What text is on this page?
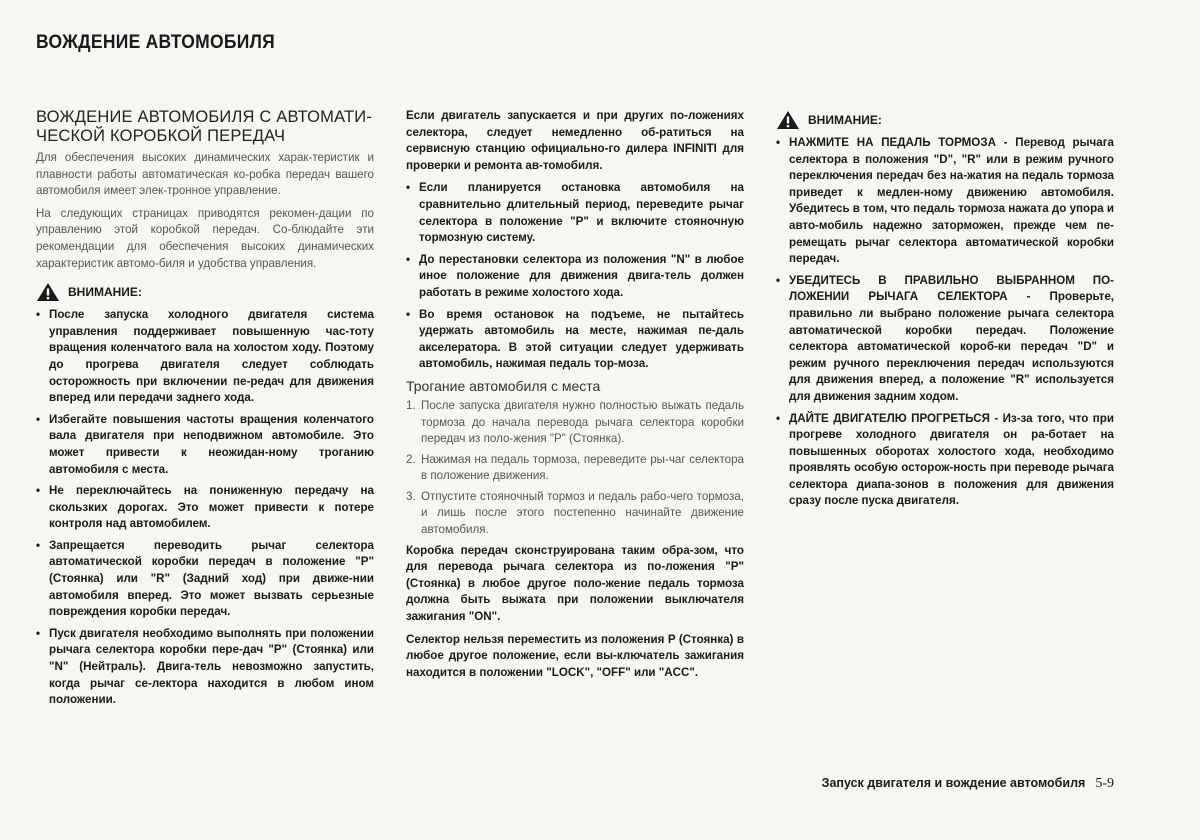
ВОЖДЕНИЕ АВТОМОБИЛЯ
ВОЖДЕНИЕ АВТОМОБИЛЯ С АВТОМАТИ-ЧЕСКОЙ КОРОБКОЙ ПЕРЕДАЧ

Для обеспечения высоких динамических харак-теристик и плавности работы автоматическая ко-робка передач вашего автомобиля имеет элек-тронное управление.

На следующих страницах приводятся рекомен-дации по управлению этой коробкой передач. Со-блюдайте эти рекомендации для обеспечения высоких динамических характеристик автомо-биля и удобства управления.

ВНИМАНИЕ:
• После запуска холодного двигателя система управления поддерживает повышенную час-тоту вращения коленчатого вала на холостом ходу. Поэтому до прогрева двигателя следует соблюдать осторожность при включении пе-редач для движения вперед или передачи заднего хода.
• Избегайте повышения частоты вращения коленчатого вала двигателя при неподвижном автомобиле. Это может привести к неожидан-ному троганию автомобиля с места.
• Не переключайтесь на пониженную передачу на скользких дорогах. Это может привести к потере контроля над автомобилем.
• Запрещается переводить рычаг селектора автоматической коробки передач в положение "P" (Стоянка) или "R" (Задний ход) при движе-нии автомобиля вперед. Это может вызвать серьезные повреждения коробки передач.
• Пуск двигателя необходимо выполнять при положении рычага селектора коробки пере-дач "P" (Стоянка) или "N" (Нейтраль). Двига-тель невозможно запустить, когда рычаг се-лектора находится в любом ином положении.

Если двигатель запускается и при других по-ложениях селектора, следует немедленно об-ратиться на сервисную станцию официально-го дилера INFINITI для проверки и ремонта ав-томобиля.

• Если планируется остановка автомобиля на сравнительно длительный период, переведите рычаг селектора в положение "P" и включите стояночную тормозную систему.
• До перестановки селектора из положения "N" в любое иное положение для движения двига-тель должен работать в режиме холостого хода.
• Во время остановок на подъеме, не пытайтесь удержать автомобиль на месте, нажимая пе-даль акселератора. В этой ситуации следует удерживать автомобиль, нажимая педаль тор-моза.
Трогание автомобиля с места
1. После запуска двигателя нужно полностью выжать педаль тормоза до начала перевода рычага селектора коробки передач из поло-жения "P" (Стоянка).
2. Нажимая на педаль тормоза, переведите ры-чаг селектора в положение движения.
3. Отпустите стояночный тормоз и педаль рабо-чего тормоза, и лишь после этого постепенно начинайте движение автомобиля.

Коробка передач сконструирована таким обра-зом, что для перевода рычага селектора из по-ложения "P" (Стоянка) в любое другое поло-жение педаль тормоза должна быть выжата при положении выключателя зажигания "ON".

Селектор нельзя переместить из положения P (Стоянка) в любое другое положение, если вы-ключатель зажигания находится в положении "LOCK", "OFF" или "ACC".

ВНИМАНИЕ:
• НАЖМИТЕ НА ПЕДАЛЬ ТОРМОЗА - Перевод рычага селектора в положения "D", "R" или в режим ручного переключения передач без на-жатия на педаль тормоза приведет к медлен-ному движению автомобиля. Убедитесь в том, что педаль тормоза нажата до упора и авто-мобиль надежно заторможен, прежде чем пе-ремещать рычаг селектора автоматической коробки передач.
• УБЕДИТЕСЬ В ПРАВИЛЬНО ВЫБРАННОМ ПО-ЛОЖЕНИИ РЫЧАГА СЕЛЕКТОРА - Проверьте, правильно ли выбрано положение рычага селектора автоматической коробки передач. Положение селектора автоматической короб-ки передач "D" и режим ручного переключения передач используются для движения вперед, а положение "R" используется для движения задним ходом.
• ДАЙТЕ ДВИГАТЕЛЮ ПРОГРЕТЬСЯ - Из-за того, что при прогреве холодного двигателя он ра-ботает на повышенных оборотах холостого хода, необходимо проявлять особую осторож-ность при переводе рычага селектора диапа-зонов в положения для движения сразу после пуска двигателя.
Запуск двигателя и вождение автомобиля 5-9
